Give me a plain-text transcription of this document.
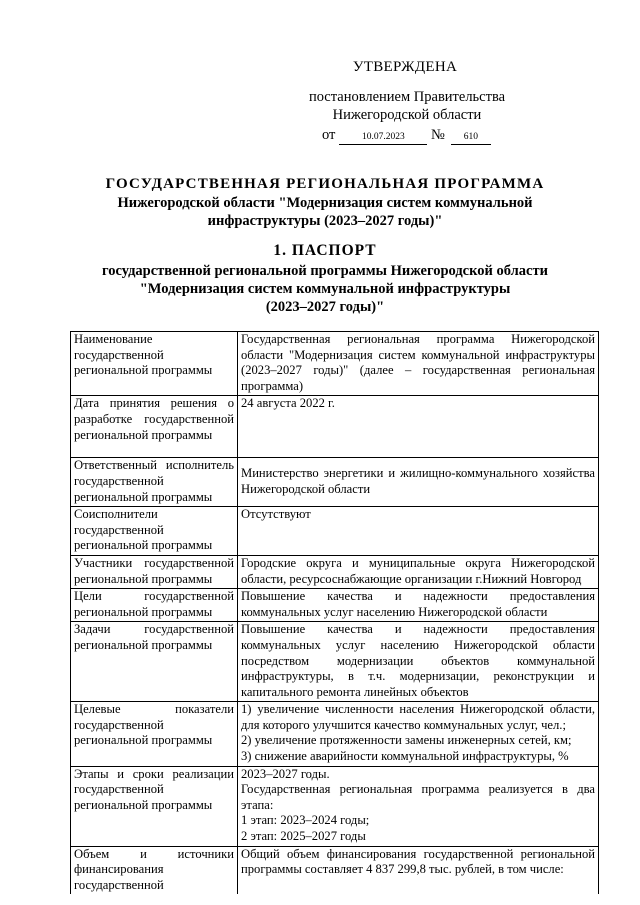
УТВЕРЖДЕНА
постановлением Правительства
Нижегородской области
от	10.07.2023 № 610
ГОСУДАРСТВЕННАЯ РЕГИОНАЛЬНАЯ ПРОГРАММА
Нижегородской области "Модернизация систем коммунальной
инфраструктуры (2023–2027 годы)"
1. ПАСПОРТ
государственной региональной программы Нижегородской области
"Модернизация систем коммунальной инфраструктуры
(2023–2027 годы)"
Наименование государственной региональной программы	Государственная региональная программа Нижегородской области "Модернизация систем коммунальной инфраструктуры (2023–2027 годы)" (далее – государственная региональная программа)
Дата принятия решения о разработке государственной региональной программы	24 августа 2022 г.
Ответственный исполнитель государственной региональной программы	Министерство энергетики и жилищно-коммунального хозяйства Нижегородской области
Соисполнители государственной региональной программы	Отсутствуют
Участники государственной региональной программы	Городские округа и муниципальные округа Нижегородской области, ресурсоснабжающие организации г.Нижний Новгород
Цели государственной региональной программы	Повышение качества и надежности предоставления коммунальных услуг населению Нижегородской области
Задачи государственной региональной программы	Повышение качества и надежности предоставления коммунальных услуг населению Нижегородской области посредством модернизации объектов коммунальной инфраструктуры, в т.ч. модернизации, реконструкции и капитального ремонта линейных объектов
Целевые показатели государственной региональной программы	1) увеличение численности населения Нижегородской области, для которого улучшится качество коммунальных услуг, чел.;
2) увеличение протяженности замены инженерных сетей, км;
3) снижение аварийности коммунальной инфраструктуры, %
Этапы и сроки реализации государственной региональной программы	2023–2027 годы.
Государственная региональная программа реализуется в два этапа:
1 этап: 2023–2024 годы;
2 этап: 2025–2027 годы
Объем и источники финансирования государственной	Общий объем финансирования государственной региональной программы составляет 4 837 299,8 тыс. рублей, в том числе:
